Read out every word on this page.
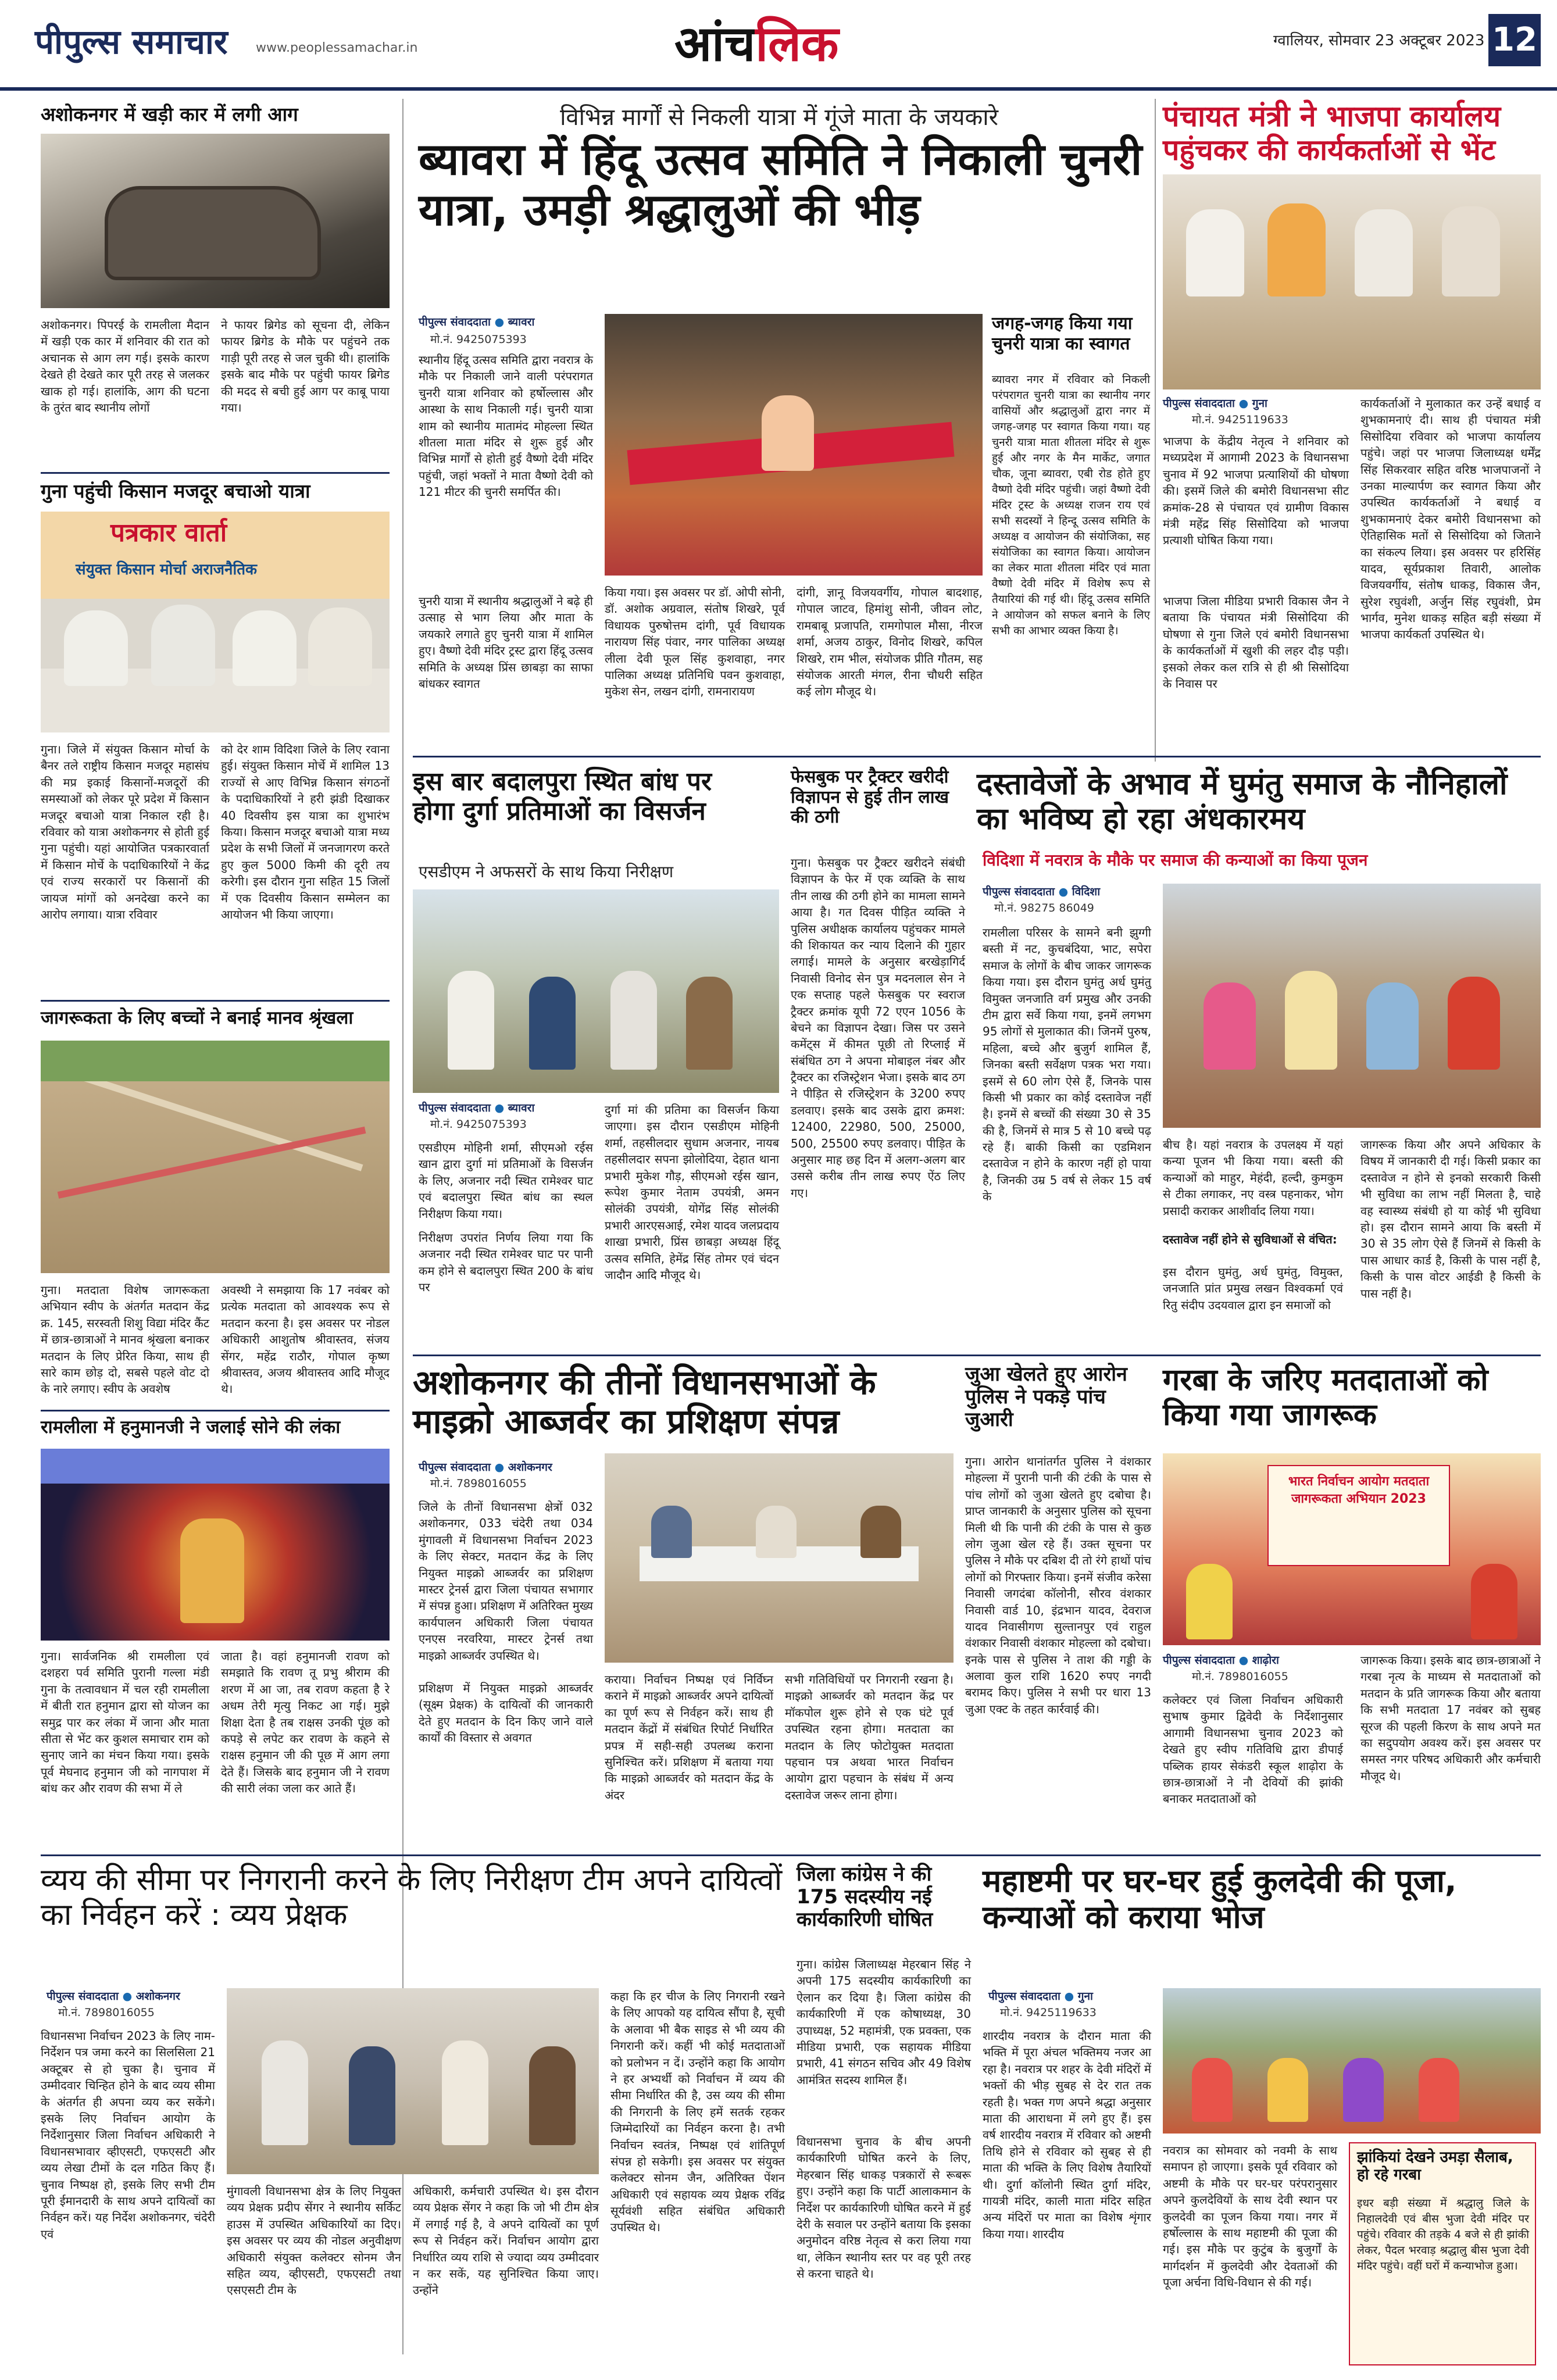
पीपुल्स समाचार www.peoplessamachar.in	आंचलिक	ग्वालियर, सोमवार 23 अक्टूबर 2023 12
अशोकनगर में खड़ी कार में लगी आग
अशोकनगर। पिपरई के रामलीला मैदान में खड़ी एक कार में शनिवार की रात को अचानक से आग लग गई। इसके कारण देखते ही देखते कार पूरी तरह से जलकर खाक हो गई। हालांकि, आग की घटना के तुरंत बाद स्थानीय लोगों
ने फायर ब्रिगेड को सूचना दी, लेकिन फायर ब्रिगेड के मौके पर पहुंचने तक गाड़ी पूरी तरह से जल चुकी थी। हालांकि इसके बाद मौके पर पहुंची फायर ब्रिगेड की मदद से बची हुई आग पर काबू पाया गया।
गुना पहुंची किसान मजदूर बचाओ यात्रा
पत्रकार वार्ता
संयुक्त किसान मोर्चा अराजनैतिक
गुना। जिले में संयुक्त किसान मोर्चा के बैनर तले राष्ट्रीय किसान मजदूर महासंघ की मप्र इकाई किसानों-मजदूरों की समस्याओं को लेकर पूरे प्रदेश में किसान मजदूर बचाओ यात्रा निकाल रही है। रविवार को यात्रा अशोकनगर से होती हुई गुना पहुंची। यहां आयोजित पत्रकारवार्ता में किसान मोर्चे के पदाधिकारियों ने केंद्र एवं राज्य सरकारों पर किसानों की जायज मांगों को अनदेखा करने का आरोप लगाया। यात्रा रविवार
को देर शाम विदिशा जिले के लिए रवाना हुई। संयुक्त किसान मोर्चे में शामिल 13 राज्यों से आए विभिन्न किसान संगठनों के पदाधिकारियों ने हरी झंडी दिखाकर 40 दिवसीय इस यात्रा का शुभारंभ किया। किसान मजदूर बचाओ यात्रा मध्य प्रदेश के सभी जिलों में जनजागरण करते हुए कुल 5000 किमी की दूरी तय करेगी। इस दौरान गुना सहित 15 जिलों में एक दिवसीय किसान सम्मेलन का आयोजन भी किया जाएगा।
जागरूकता के लिए बच्चों ने बनाई मानव श्रृंखला
गुना। मतदाता विशेष जागरूकता अभियान स्वीप के अंतर्गत मतदान केंद्र क्र. 145, सरस्वती शिशु विद्या मंदिर कैंट में छात्र-छात्राओं ने मानव श्रृंखला बनाकर मतदान के लिए प्रेरित किया, साथ ही सारे काम छोड़ दो, सबसे पहले वोट दो के नारे लगाए। स्वीप के अवशेष
अवस्थी ने समझाया कि 17 नवंबर को प्रत्येक मतदाता को आवश्यक रूप से मतदान करना है। इस अवसर पर नोडल अधिकारी आशुतोष श्रीवास्तव, संजय सेंगर, महेंद्र राठौर, गोपाल कृष्ण श्रीवास्तव, अजय श्रीवास्तव आदि मौजूद थे।
रामलीला में हनुमानजी ने जलाई सोने की लंका
गुना। सार्वजनिक श्री रामलीला एवं दशहरा पर्व समिति पुरानी गल्ला मंडी गुना के तत्वावधान में चल रही रामलीला में बीती रात हनुमान द्वारा सो योजन का समुद्र पार कर लंका में जाना और माता सीता से भेंट कर कुशल समाचार राम को सुनाए जाने का मंचन किया गया। इसके पूर्व मेघनाद हनुमान जी को नागपाश में बांध कर और रावण की सभा में ले
जाता है। वहां हनुमानजी रावण को समझाते कि रावण तू प्रभु श्रीराम की शरण में आ जा, तब रावण कहता है रे अधम तेरी मृत्यु निकट आ गई। मुझे शिक्षा देता है तब राक्षस उनकी पूंछ को कपड़े से लपेट कर रावण के कहने से राक्षस हनुमान जी की पूछ में आग लगा देते हैं। जिसके बाद हनुमान जी ने रावण की सारी लंका जला कर आते हैं।
विभिन्न मार्गों से निकली यात्रा में गूंजे माता के जयकारे
ब्यावरा में हिंदू उत्सव समिति ने निकाली चुनरी यात्रा, उमड़ी श्रद्धालुओं की भीड़
पीपुल्स संवाददाता ● ब्यावरा
मो.नं. 9425075393
स्थानीय हिंदू उत्सव समिति द्वारा नवरात्र के मौके पर निकाली जाने वाली परंपरागत चुनरी यात्रा शनिवार को हर्षोल्लास और आस्था के साथ निकाली गई। चुनरी यात्रा शाम को स्थानीय मातामंद मोहल्ला स्थित शीतला माता मंदिर से शुरू हुई और विभिन्न मार्गों से होती हुई वैष्णो देवी मंदिर पहुंची, जहां भक्तों ने माता वैष्णो देवी को 121 मीटर की चुनरी समर्पित की।
चुनरी यात्रा में स्थानीय श्रद्धालुओं ने बढ़े ही उत्साह से भाग लिया और माता के जयकारे लगाते हुए चुनरी यात्रा में शामिल हुए। वैष्णो देवी मंदिर ट्रस्ट द्वारा हिंदू उत्सव समिति के अध्यक्ष प्रिंस छाबड़ा का साफा बांधकर स्वागत
किया गया। इस अवसर पर डॉ. ओपी सोनी, डॉ. अशोक अग्रवाल, संतोष शिखरे, पूर्व विधायक पुरुषोत्तम दांगी, पूर्व विधायक नारायण सिंह पंवार, नगर पालिका अध्यक्ष लीला देवी फूल सिंह कुशवाहा, नगर पालिका अध्यक्ष प्रतिनिधि पवन कुशवाहा, मुकेश सेन, लखन दांगी, रामनारायण
दांगी, ज्ञानू विजयवर्गीय, गोपाल बादशाह, गोपाल जाटव, हिमांशु सोनी, जीवन लोट, रामबाबू प्रजापति, रामगोपाल मौसा, नीरज शर्मा, अजय ठाकुर, विनोद शिखरे, कपिल शिखरे, राम भील, संयोजक प्रीति गौतम, सह संयोजक आरती मंगल, रीना चौधरी सहित कई लोग मौजूद थे।
जगह-जगह किया गया चुनरी यात्रा का स्वागत
ब्यावरा नगर में रविवार को निकली परंपरागत चुनरी यात्रा का स्थानीय नगर वासियों और श्रद्धालुओं द्वारा नगर में जगह-जगह पर स्वागत किया गया। यह चुनरी यात्रा माता शीतला मंदिर से शुरू हुई और नगर के मैन मार्केट, जगात चौक, जूना ब्यावरा, एबी रोड होते हुए वैष्णो देवी मंदिर पहुंची। जहां वैष्णो देवी मंदिर ट्रस्ट के अध्यक्ष राजन राय एवं सभी सदस्यों ने हिन्दू उत्सव समिति के अध्यक्ष व आयोजन की संयोजिका, सह संयोजिका का स्वागत किया। आयोजन का लेकर माता शीतला मंदिर एवं माता वैष्णो देवी मंदिर में विशेष रूप से तैयारियां की गई थी। हिंदू उत्सव समिति ने आयोजन को सफल बनाने के लिए सभी का आभार व्यक्त किया है।
पंचायत मंत्री ने भाजपा कार्यालय पहुंचकर की कार्यकर्ताओं से भेंट
पीपुल्स संवाददाता ● गुना
मो.नं. 9425119633
भाजपा के केंद्रीय नेतृत्व ने शनिवार को मध्यप्रदेश में आगामी 2023 के विधानसभा चुनाव में 92 भाजपा प्रत्याशियों की घोषणा की। इसमें जिले की बमोरी विधानसभा सीट क्रमांक-28 से पंचायत एवं ग्रामीण विकास मंत्री महेंद्र सिंह सिसोदिया को भाजपा प्रत्याशी घोषित किया गया।
भाजपा जिला मीडिया प्रभारी विकास जैन ने बताया कि पंचायत मंत्री सिसोदिया की घोषणा से गुना जिले एवं बमोरी विधानसभा के कार्यकर्ताओं में खुशी की लहर दौड़ पड़ी। इसको लेकर कल रात्रि से ही श्री सिसोदिया के निवास पर
कार्यकर्ताओं ने मुलाकात कर उन्हें बधाई व शुभकामनाएं दी। साथ ही पंचायत मंत्री सिसोदिया रविवार को भाजपा कार्यालय पहुंचे। जहां पर भाजपा जिलाध्यक्ष धर्मेंद्र सिंह सिकरवार सहित वरिष्ठ भाजपाजनों ने उनका माल्यार्पण कर स्वागत किया और उपस्थित कार्यकर्ताओं ने बधाई व शुभकामनाएं देकर बमोरी विधानसभा को ऐतिहासिक मतों से सिसोदिया को जिताने का संकल्प लिया। इस अवसर पर हरिसिंह यादव, सूर्यप्रकाश तिवारी, आलोक विजयवर्गीय, संतोष धाकड़, विकास जैन, सुरेश रघुवंशी, अर्जुन सिंह रघुवंशी, प्रेम भार्गव, मुनेश धाकड़ सहित बड़ी संख्या में भाजपा कार्यकर्ता उपस्थित थे।
इस बार बदालपुरा स्थित बांध पर होगा दुर्गा प्रतिमाओं का विसर्जन
एसडीएम ने अफसरों के साथ किया निरीक्षण
पीपुल्स संवाददाता ● ब्यावरा
मो.नं. 9425075393
एसडीएम मोहिनी शर्मा, सीएमओ रईस खान द्वारा दुर्गा मां प्रतिमाओं के विसर्जन के लिए, अजनार नदी स्थित रामेश्वर घाट एवं बदालपुरा स्थित बांध का स्थल निरीक्षण किया गया।
निरीक्षण उपरांत निर्णय लिया गया कि अजनार नदी स्थित रामेश्वर घाट पर पानी कम होने से बदालपुरा स्थित 200 के बांध पर
दुर्गा मां की प्रतिमा का विसर्जन किया जाएगा। इस दौरान एसडीएम मोहिनी शर्मा, तहसीलदार सुधाम अजनार, नायब तहसीलदार सपना झोलोदिया, देहात थाना प्रभारी मुकेश गौड़, सीएमओ रईस खान, रूपेश कुमार नेताम उपयंत्री, अमन सोलंकी उपयंत्री, योगेंद्र सिंह सोलंकी प्रभारी आरएसआई, रमेश यादव जलप्रदाय शाखा प्रभारी, प्रिंस छाबड़ा अध्यक्ष हिंदू उत्सव समिति, हेमेंद्र सिंह तोमर एवं चंदन जादौन आदि मौजूद थे।
फेसबुक पर ट्रैक्टर खरीदी विज्ञापन से हुई तीन लाख की ठगी
गुना। फेसबुक पर ट्रैक्टर खरीदने संबंधी विज्ञापन के फेर में एक व्यक्ति के साथ तीन लाख की ठगी होने का मामला सामने आया है। गत दिवस पीड़ित व्यक्ति ने पुलिस अधीक्षक कार्यालय पहुंचकर मामले की शिकायत कर न्याय दिलाने की गुहार लगाई। मामले के अनुसार बरखेड़ागिर्द निवासी विनोद सेन पुत्र मदनलाल सेन ने एक सप्ताह पहले फेसबुक पर स्वराज ट्रैक्टर क्रमांक यूपी 72 एएन 1056 के बेचने का विज्ञापन देखा। जिस पर उसने कमेंट्स में कीमत पूछी तो रिप्लाई में संबंधित ठग ने अपना मोबाइल नंबर और ट्रैक्टर का रजिस्ट्रेशन भेजा। इसके बाद ठग ने पीड़ित से रजिस्ट्रेशन के 3200 रुपए डलवाए। इसके बाद उसके द्वारा क्रमश: 12400, 22980, 500, 25000, 500, 25500 रुपए डलवाए। पीड़ित के अनुसार माह छह दिन में अलग-अलग बार उससे करीब तीन लाख रुपए ऐंठ लिए गए।
दस्तावेजों के अभाव में घुमंतु समाज के नौनिहालों का भविष्य हो रहा अंधकारमय
विदिशा में नवरात्र के मौके पर समाज की कन्याओं का किया पूजन
पीपुल्स संवाददाता ● विदिशा
मो.नं. 98275 86049
रामलीला परिसर के सामने बनी झुग्गी बस्ती में नट, कुचबंदिया, भाट, सपेरा समाज के लोगों के बीच जाकर जागरूक किया गया। इस दौरान घुमंतु अर्ध घुमंतु विमुक्त जनजाति वर्ग प्रमुख और उनकी टीम द्वारा सर्वे किया गया, इनमें लगभग 95 लोगों से मुलाकात की। जिनमें पुरुष, महिला, बच्चे और बुजुर्ग शामिल हैं, जिनका बस्ती सर्वेक्षण पत्रक भरा गया। इसमें से 60 लोग ऐसे हैं, जिनके पास किसी भी प्रकार का कोई दस्तावेज नहीं है। इनमें से बच्चों की संख्या 30 से 35 की है, जिनमें से मात्र 5 से 10 बच्चे पढ़ रहे हैं। बाकी किसी का एडमिशन दस्तावेज न होने के कारण नहीं हो पाया है, जिनकी उम्र 5 वर्ष से लेकर 15 वर्ष के
बीच है। यहां नवरात्र के उपलक्ष्य में यहां कन्या पूजन भी किया गया। बस्ती की कन्याओं को माहुर, मेहंदी, हल्दी, कुमकुम से टीका लगाकर, नए वस्त्र पहनाकर, भोग प्रसादी कराकर आशीर्वाद लिया गया।
दस्तावेज नहीं होने से सुविधाओं से वंचित:
इस दौरान घुमंतु, अर्ध घुमंतु, विमुक्त, जनजाति प्रांत प्रमुख लखन विश्वकर्मा एवं रितु संदीप उदयवाल द्वारा इन समाजों को
जागरूक किया और अपने अधिकार के विषय में जानकारी दी गई। किसी प्रकार का दस्तावेज न होने से इनको सरकारी किसी भी सुविधा का लाभ नहीं मिलता है, चाहे वह स्वास्थ्य संबंधी हो या कोई भी सुविधा हो। इस दौरान सामने आया कि बस्ती में 30 से 35 लोग ऐसे हैं जिनमें से किसी के पास आधार कार्ड है, किसी के पास नहीं है, किसी के पास वोटर आईडी है किसी के पास नहीं है।
अशोकनगर की तीनों विधानसभाओं के माइक्रो आब्जर्वर का प्रशिक्षण संपन्न
पीपुल्स संवाददाता ● अशोकनगर
मो.नं. 7898016055
जिले के तीनों विधानसभा क्षेत्रों 032 अशोकनगर, 033 चंदेरी तथा 034 मुंगावली में विधानसभा निर्वाचन 2023 के लिए सेक्टर, मतदान केंद्र के लिए नियुक्त माइक्रो आब्जर्वर का प्रशिक्षण मास्टर ट्रेनर्स द्वारा जिला पंचायत सभागार में संपन्न हुआ। प्रशिक्षण में अतिरिक्त मुख्य कार्यपालन अधिकारी जिला पंचायत एनएस नरवरिया, मास्टर ट्रेनर्स तथा माइक्रो आब्जर्वर उपस्थित थे।
प्रशिक्षण में नियुक्त माइक्रो आब्जर्वर (सूक्ष्म प्रेक्षक) के दायित्वों की जानकारी देते हुए मतदान के दिन किए जाने वाले कार्यों की विस्तार से अवगत
कराया। निर्वाचन निष्पक्ष एवं निर्विघ्न कराने में माइक्रो आब्जर्वर अपने दायित्वों का पूर्ण रूप से निर्वहन करें। साथ ही मतदान केंद्रों में संबंधित रिपोर्ट निर्धारित प्रपत्र में सही-सही उपलब्ध कराना सुनिश्चित करें। प्रशिक्षण में बताया गया कि माइक्रो आब्जर्वर को मतदान केंद्र के अंदर
सभी गतिविधियों पर निगरानी रखना है। माइक्रो आब्जर्वर को मतदान केंद्र पर मॉकपोल शुरू होने से एक घंटे पूर्व उपस्थित रहना होगा। मतदाता का मतदान के लिए फोटोयुक्त मतदाता पहचान पत्र अथवा भारत निर्वाचन आयोग द्वारा पहचान के संबंध में अन्य दस्तावेज जरूर लाना होगा।
जुआ खेलते हुए आरोन पुलिस ने पकड़े पांच जुआरी
गुना। आरोन थानांतर्गत पुलिस ने वंशकार मोहल्ला में पुरानी पानी की टंकी के पास से पांच लोगों को जुआ खेलते हुए दबोचा है। प्राप्त जानकारी के अनुसार पुलिस को सूचना मिली थी कि पानी की टंकी के पास से कुछ लोग जुआ खेल रहे हैं। उक्त सूचना पर पुलिस ने मौके पर दबिश दी तो रंगे हाथों पांच लोगों को गिरफ्तार किया। इनमें संजीव करेसा निवासी जगदंबा कॉलोनी, सौरव वंशकार निवासी वार्ड 10, इंद्रभान यादव, देवराज यादव निवासीगण सुल्तानपुर एवं राहुल वंशकार निवासी वंशकार मोहल्ला को दबोचा। इनके पास से पुलिस ने ताश की गड्डी के अलावा कुल राशि 1620 रुपए नगदी बरामद किए। पुलिस ने सभी पर धारा 13 जुआ एक्ट के तहत कार्रवाई की।
गरबा के जरिए मतदाताओं को किया गया जागरूक
भारत निर्वाचन आयोग मतदाता जागरूकता अभियान 2023
पीपुल्स संवाददाता ● शाढ़ोरा
मो.नं. 7898016055
कलेक्टर एवं जिला निर्वाचन अधिकारी सुभाष कुमार द्विवेदी के निर्देशानुसार आगामी विधानसभा चुनाव 2023 को देखते हुए स्वीप गतिविधि द्वारा डीपाई पब्लिक हायर सेकंडरी स्कूल शाढ़ोरा के छात्र-छात्राओं ने नौ देवियों की झांकी बनाकर मतदाताओं को
जागरूक किया। इसके बाद छात्र-छात्राओं ने गरबा नृत्य के माध्यम से मतदाताओं को मतदान के प्रति जागरूक किया और बताया कि सभी मतदाता 17 नवंबर को सुबह सूरज की पहली किरण के साथ अपने मत का सदुपयोग अवश्य करें। इस अवसर पर समस्त नगर परिषद अधिकारी और कर्मचारी मौजूद थे।
व्यय की सीमा पर निगरानी करने के लिए निरीक्षण टीम अपने दायित्वों का निर्वहन करें : व्यय प्रेक्षक
पीपुल्स संवाददाता ● अशोकनगर
मो.नं. 7898016055
विधानसभा निर्वाचन 2023 के लिए नाम-निर्देशन पत्र जमा करने का सिलसिला 21 अक्टूबर से हो चुका है। चुनाव में उम्मीदवार चिन्हित होने के बाद व्यय सीमा के अंतर्गत ही अपना व्यय कर सकेंगे। इसके लिए निर्वाचन आयोग के निर्देशानुसार जिला निर्वाचन अधिकारी ने विधानसभावार व्हीएसटी, एफएसटी और व्यय लेखा टीमों के दल गठित किए हैं। चुनाव निष्पक्ष हो, इसके लिए सभी टीम पूरी ईमानदारी के साथ अपने दायित्वों का निर्वहन करें। यह निर्देश अशोकनगर, चंदेरी एवं
मुंगावली विधानसभा क्षेत्र के लिए नियुक्त व्यय प्रेक्षक प्रदीप सेंगर ने स्थानीय सर्किट हाउस में उपस्थित अधिकारियों का दिए। इस अवसर पर व्यय की नोडल अनुवीक्षण अधिकारी संयुक्त कलेक्टर सोनम जैन सहित व्यय, व्हीएसटी, एफएसटी तथा एसएसटी टीम के
अधिकारी, कर्मचारी उपस्थित थे। इस दौरान व्यय प्रेक्षक सेंगर ने कहा कि जो भी टीम क्षेत्र में लगाई गई है, वे अपने दायित्वों का पूर्ण रूप से निर्वहन करें। निर्वाचन आयोग द्वारा निर्धारित व्यय राशि से ज्यादा व्यय उम्मीदवार न कर सकें, यह सुनिश्चित किया जाए। उन्होंने
कहा कि हर चीज के लिए निगरानी रखने के लिए आपको यह दायित्व सौंपा है, सूची के अलावा भी बैक साइड से भी व्यय की निगरानी करें। कहीं भी कोई मतदाताओं को प्रलोभन न दें। उन्होंने कहा कि आयोग ने हर अभ्यर्थी को निर्वाचन में व्यय की सीमा निर्धारित की है, उस व्यय की सीमा की निगरानी के लिए हमें सतर्क रहकर जिम्मेदारियों का निर्वहन करना है। तभी निर्वाचन स्वतंत्र, निष्पक्ष एवं शांतिपूर्ण संपन्न हो सकेगी। इस अवसर पर संयुक्त कलेक्टर सोनम जैन, अतिरिक्त पेंशन अधिकारी एवं सहायक व्यय प्रेक्षक रविंद्र सूर्यवंशी सहित संबंधित अधिकारी उपस्थित थे।
जिला कांग्रेस ने की 175 सदस्यीय नई कार्यकारिणी घोषित
गुना। कांग्रेस जिलाध्यक्ष मेहरबान सिंह ने अपनी 175 सदस्यीय कार्यकारिणी का ऐलान कर दिया है। जिला कांग्रेस की कार्यकारिणी में एक कोषाध्यक्ष, 30 उपाध्यक्ष, 52 महामंत्री, एक प्रवक्ता, एक मीडिया प्रभारी, एक सहायक मीडिया प्रभारी, 41 संगठन सचिव और 49 विशेष आमंत्रित सदस्य शामिल हैं।
विधानसभा चुनाव के बीच अपनी कार्यकारिणी घोषित करने के लिए, मेहरबान सिंह धाकड़ पत्रकारों से रूबरू हुए। उन्होंने कहा कि पार्टी आलाकमान के निर्देश पर कार्यकारिणी घोषित करने में हुई देरी के सवाल पर उन्होंने बताया कि इसका अनुमोदन वरिष्ठ नेतृत्व से करा लिया गया था, लेकिन स्थानीय स्तर पर वह पूरी तरह से करना चाहते थे।
महाष्टमी पर घर-घर हुई कुलदेवी की पूजा, कन्याओं को कराया भोज
पीपुल्स संवाददाता ● गुना
मो.नं. 9425119633
शारदीय नवरात्र के दौरान माता की भक्ति में पूरा अंचल भक्तिमय नजर आ रहा है। नवरात्र पर शहर के देवी मंदिरों में भक्तों की भीड़ सुबह से देर रात तक रहती है। भक्त गण अपने श्रद्धा अनुसार माता की आराधना में लगे हुए हैं। इस वर्ष शारदीय नवरात्र में रविवार को अष्टमी तिथि होने से रविवार को सुबह से ही माता की भक्ति के लिए विशेष तैयारियों थी। दुर्गा कॉलोनी स्थित दुर्गा मंदिर, गायत्री मंदिर, काली माता मंदिर सहित अन्य मंदिरों पर माता का विशेष शृंगार किया गया। शारदीय
नवरात्र का सोमवार को नवमी के साथ समापन हो जाएगा। इसके पूर्व रविवार को अष्टमी के मौके पर घर-घर परंपरानुसार अपने कुलदेवियों के साथ देवी स्थान पर कुलदेवी का पूजन किया गया। नगर में हर्षोल्लास के साथ महाष्टमी की पूजा की गई। इस मौके पर कुटुंब के बुजुर्गों के मार्गदर्शन में कुलदेवी और देवताओं की पूजा अर्चना विधि-विधान से की गई।
झांकियां देखने उमड़ा सैलाब, हो रहे गरबा
इधर बड़ी संख्या में श्रद्धालु जिले के निहालदेवी एवं बीस भुजा देवी मंदिर पर पहुंचे। रविवार की तड़के 4 बजे से ही झांकी लेकर, पैदल भरवाड़ श्रद्धालु बीस भुजा देवी मंदिर पहुंचे। वहीं घरों में कन्याभोज हुआ।
